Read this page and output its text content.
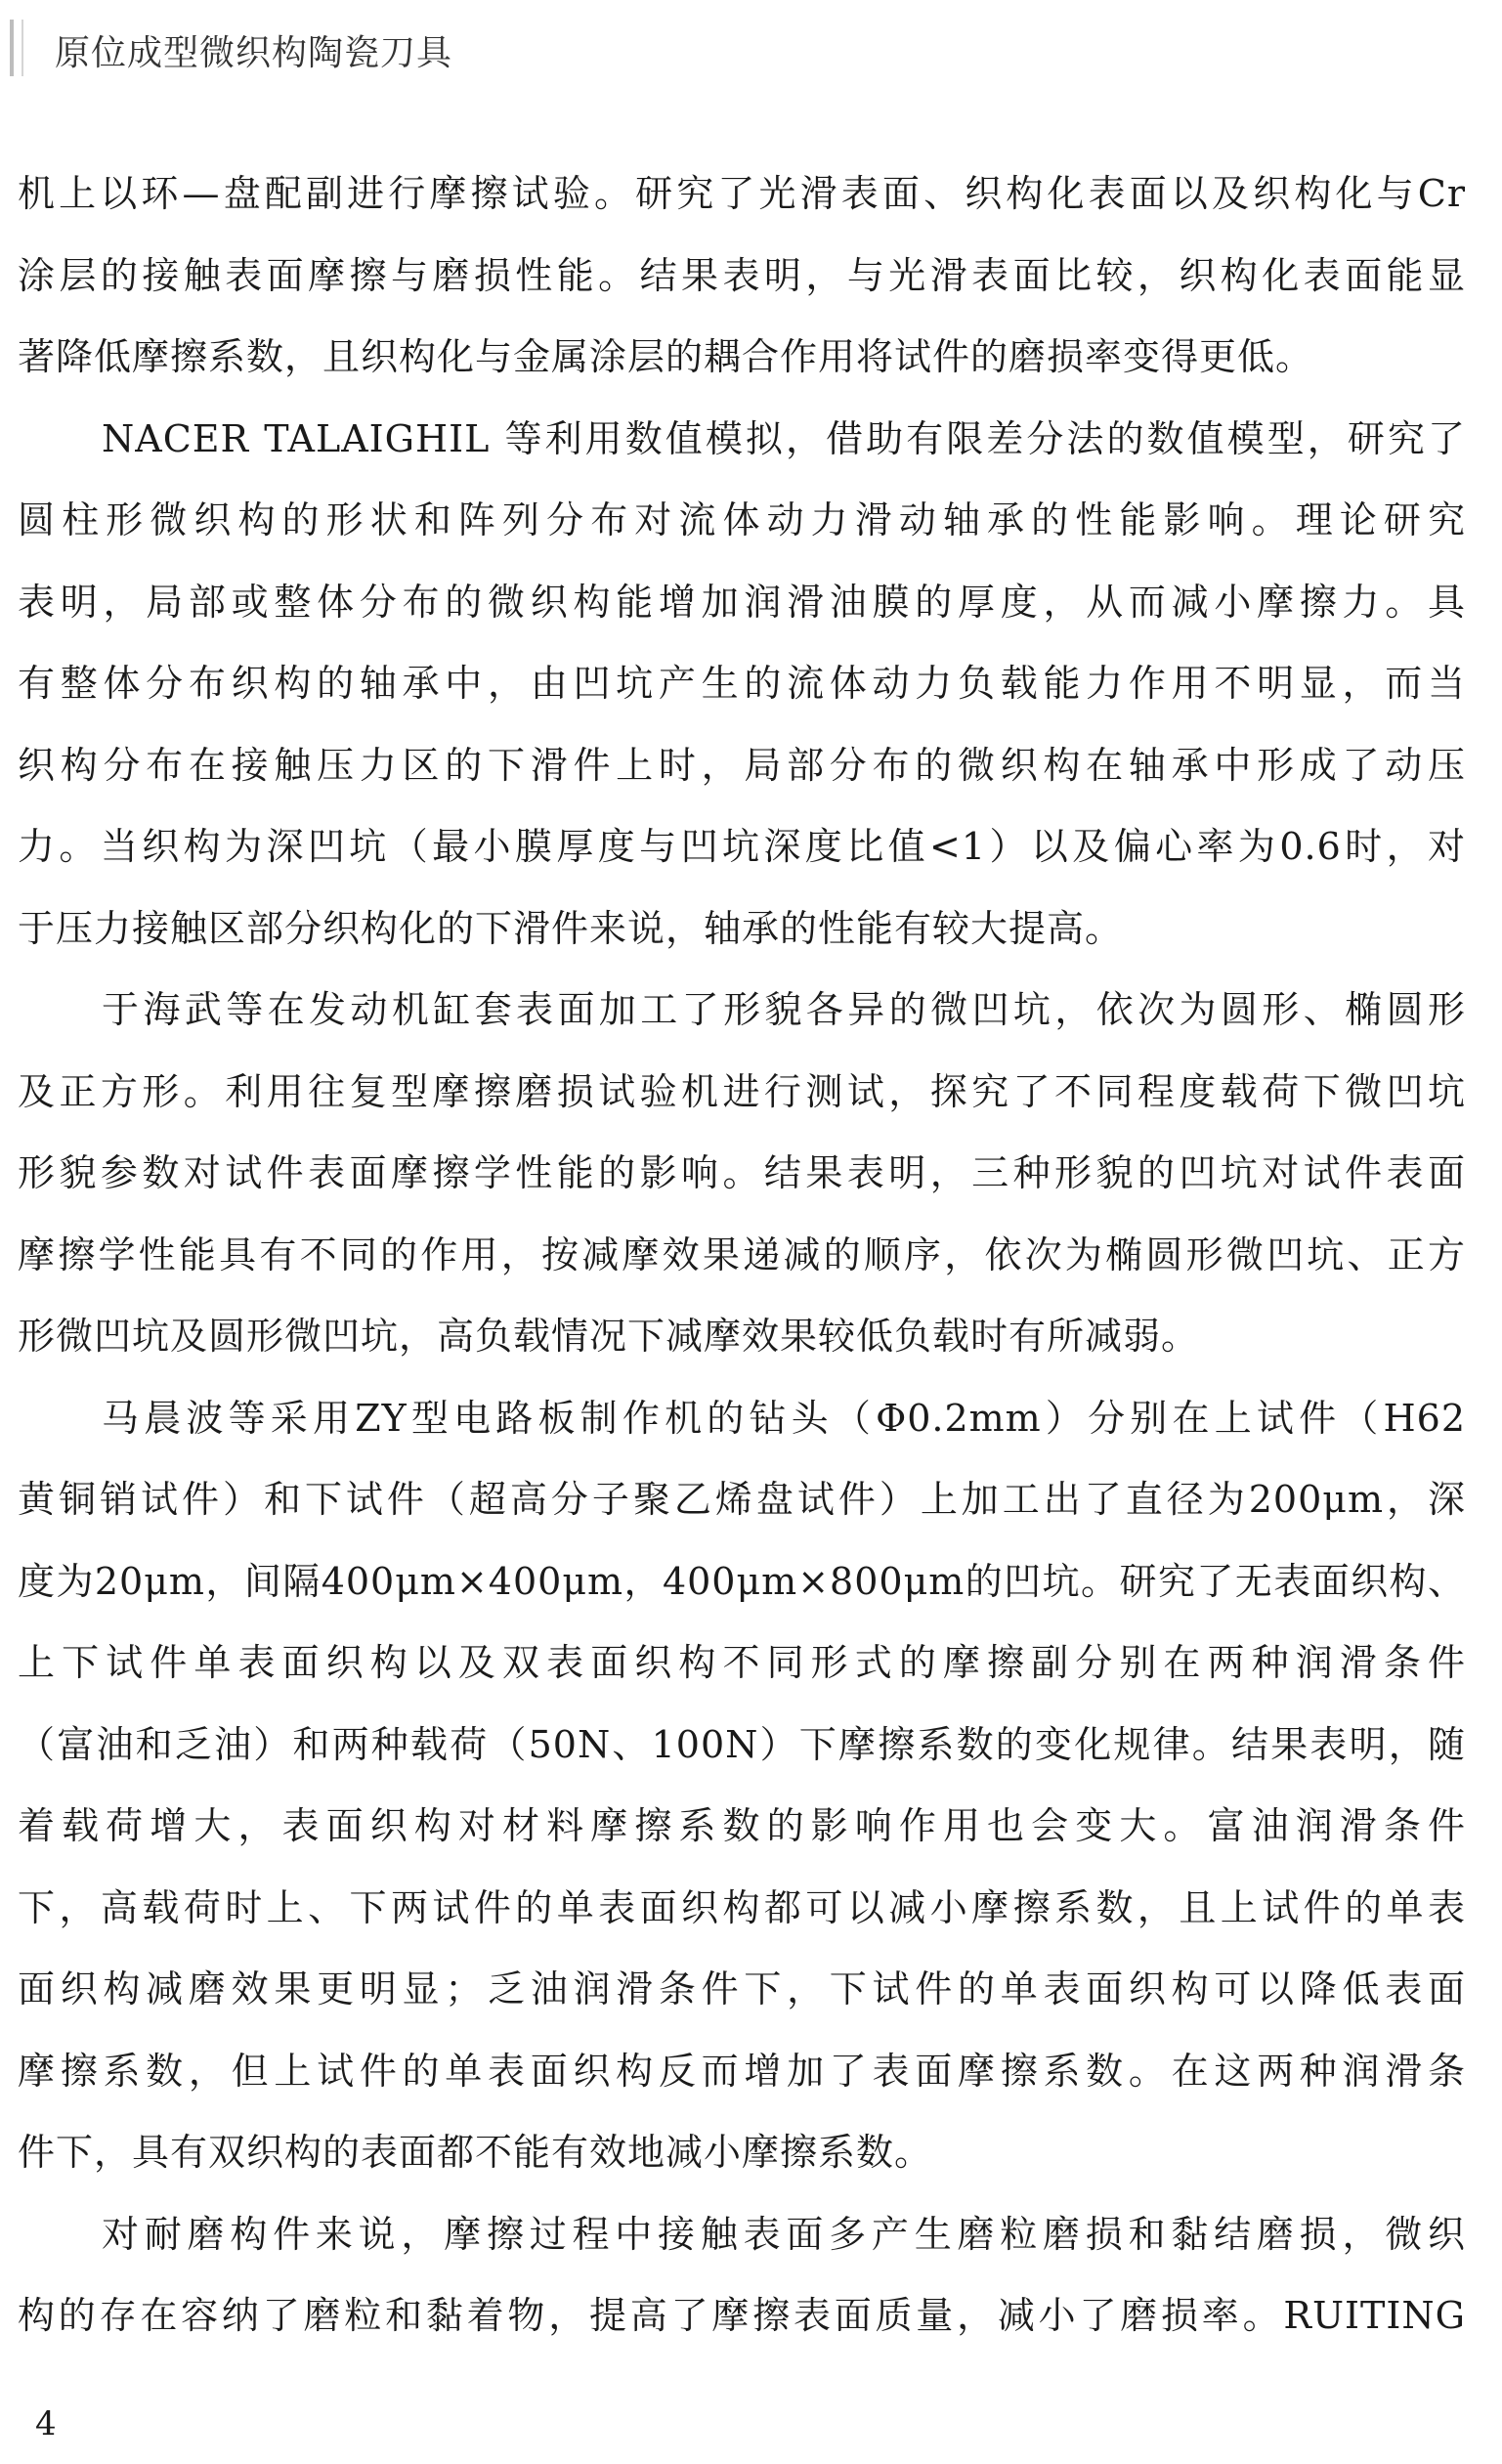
原位成型微织构陶瓷刀具
机上以环—盘配副进行摩擦试验。研究了光滑表面、织构化表面以及织构化与Cr
涂层的接触表面摩擦与磨损性能。结果表明，与光滑表面比较，织构化表面能显
著降低摩擦系数，且织构化与金属涂层的耦合作用将试件的磨损率变得更低。
NACER TALAIGHIL 等利用数值模拟，借助有限差分法的数值模型，研究了
圆柱形微织构的形状和阵列分布对流体动力滑动轴承的性能影响。理论研究
表明，局部或整体分布的微织构能增加润滑油膜的厚度，从而减小摩擦力。具
有整体分布织构的轴承中，由凹坑产生的流体动力负载能力作用不明显，而当
织构分布在接触压力区的下滑件上时，局部分布的微织构在轴承中形成了动压
力。当织构为深凹坑（最小膜厚度与凹坑深度比值<1）以及偏心率为0.6时，对
于压力接触区部分织构化的下滑件来说，轴承的性能有较大提高。
于海武等在发动机缸套表面加工了形貌各异的微凹坑，依次为圆形、椭圆形
及正方形。利用往复型摩擦磨损试验机进行测试，探究了不同程度载荷下微凹坑
形貌参数对试件表面摩擦学性能的影响。结果表明，三种形貌的凹坑对试件表面
摩擦学性能具有不同的作用，按减摩效果递减的顺序，依次为椭圆形微凹坑、正方
形微凹坑及圆形微凹坑，高负载情况下减摩效果较低负载时有所减弱。
马晨波等采用ZY型电路板制作机的钻头（Φ0.2mm）分别在上试件（H62
黄铜销试件）和下试件（超高分子聚乙烯盘试件）上加工出了直径为200μm，深
度为20μm，间隔400μm×400μm，400μm×800μm的凹坑。研究了无表面织构、
上下试件单表面织构以及双表面织构不同形式的摩擦副分别在两种润滑条件
（富油和乏油）和两种载荷（50N、100N）下摩擦系数的变化规律。结果表明，随
着载荷增大，表面织构对材料摩擦系数的影响作用也会变大。富油润滑条件
下，高载荷时上、下两试件的单表面织构都可以减小摩擦系数，且上试件的单表
面织构减磨效果更明显；乏油润滑条件下，下试件的单表面织构可以降低表面
摩擦系数，但上试件的单表面织构反而增加了表面摩擦系数。在这两种润滑条
件下，具有双织构的表面都不能有效地减小摩擦系数。
对耐磨构件来说，摩擦过程中接触表面多产生磨粒磨损和黏结磨损，微织
构的存在容纳了磨粒和黏着物，提高了摩擦表面质量，减小了磨损率。RUITING
4
